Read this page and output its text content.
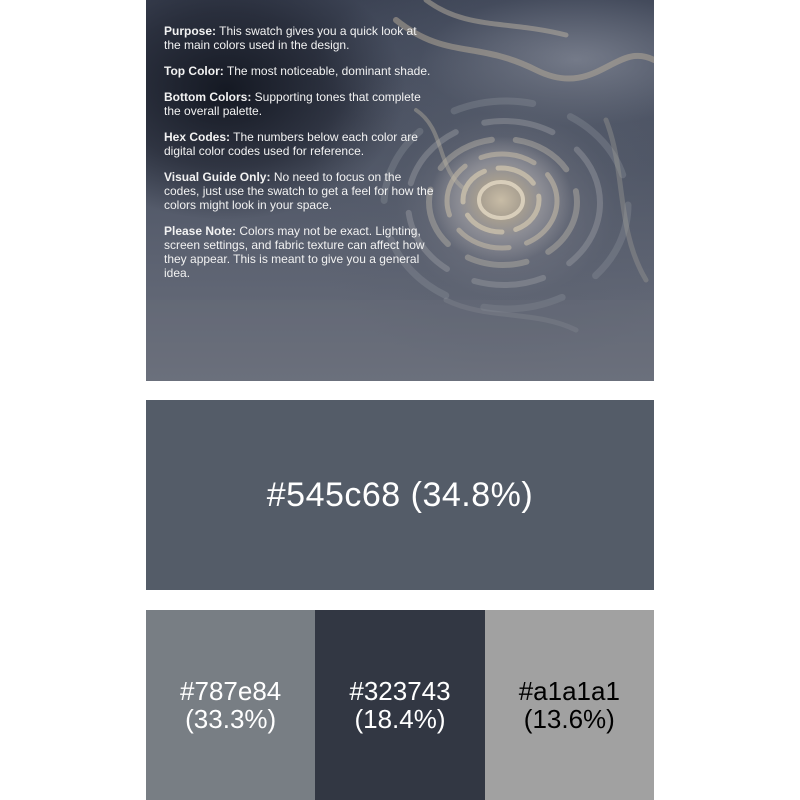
Purpose: This swatch gives you a quick look at the main colors used in the design.

Top Color: The most noticeable, dominant shade.

Bottom Colors: Supporting tones that complete the overall palette.

Hex Codes: The numbers below each color are digital color codes used for reference.

Visual Guide Only: No need to focus on the codes, just use the swatch to get a feel for how the colors might look in your space.

Please Note: Colors may not be exact. Lighting, screen settings, and fabric texture can affect how they appear. This is meant to give you a general idea.

#545c68 (34.8%)
#787e84
(33.3%)
#323743
(18.4%)
#a1a1a1
(13.6%)
